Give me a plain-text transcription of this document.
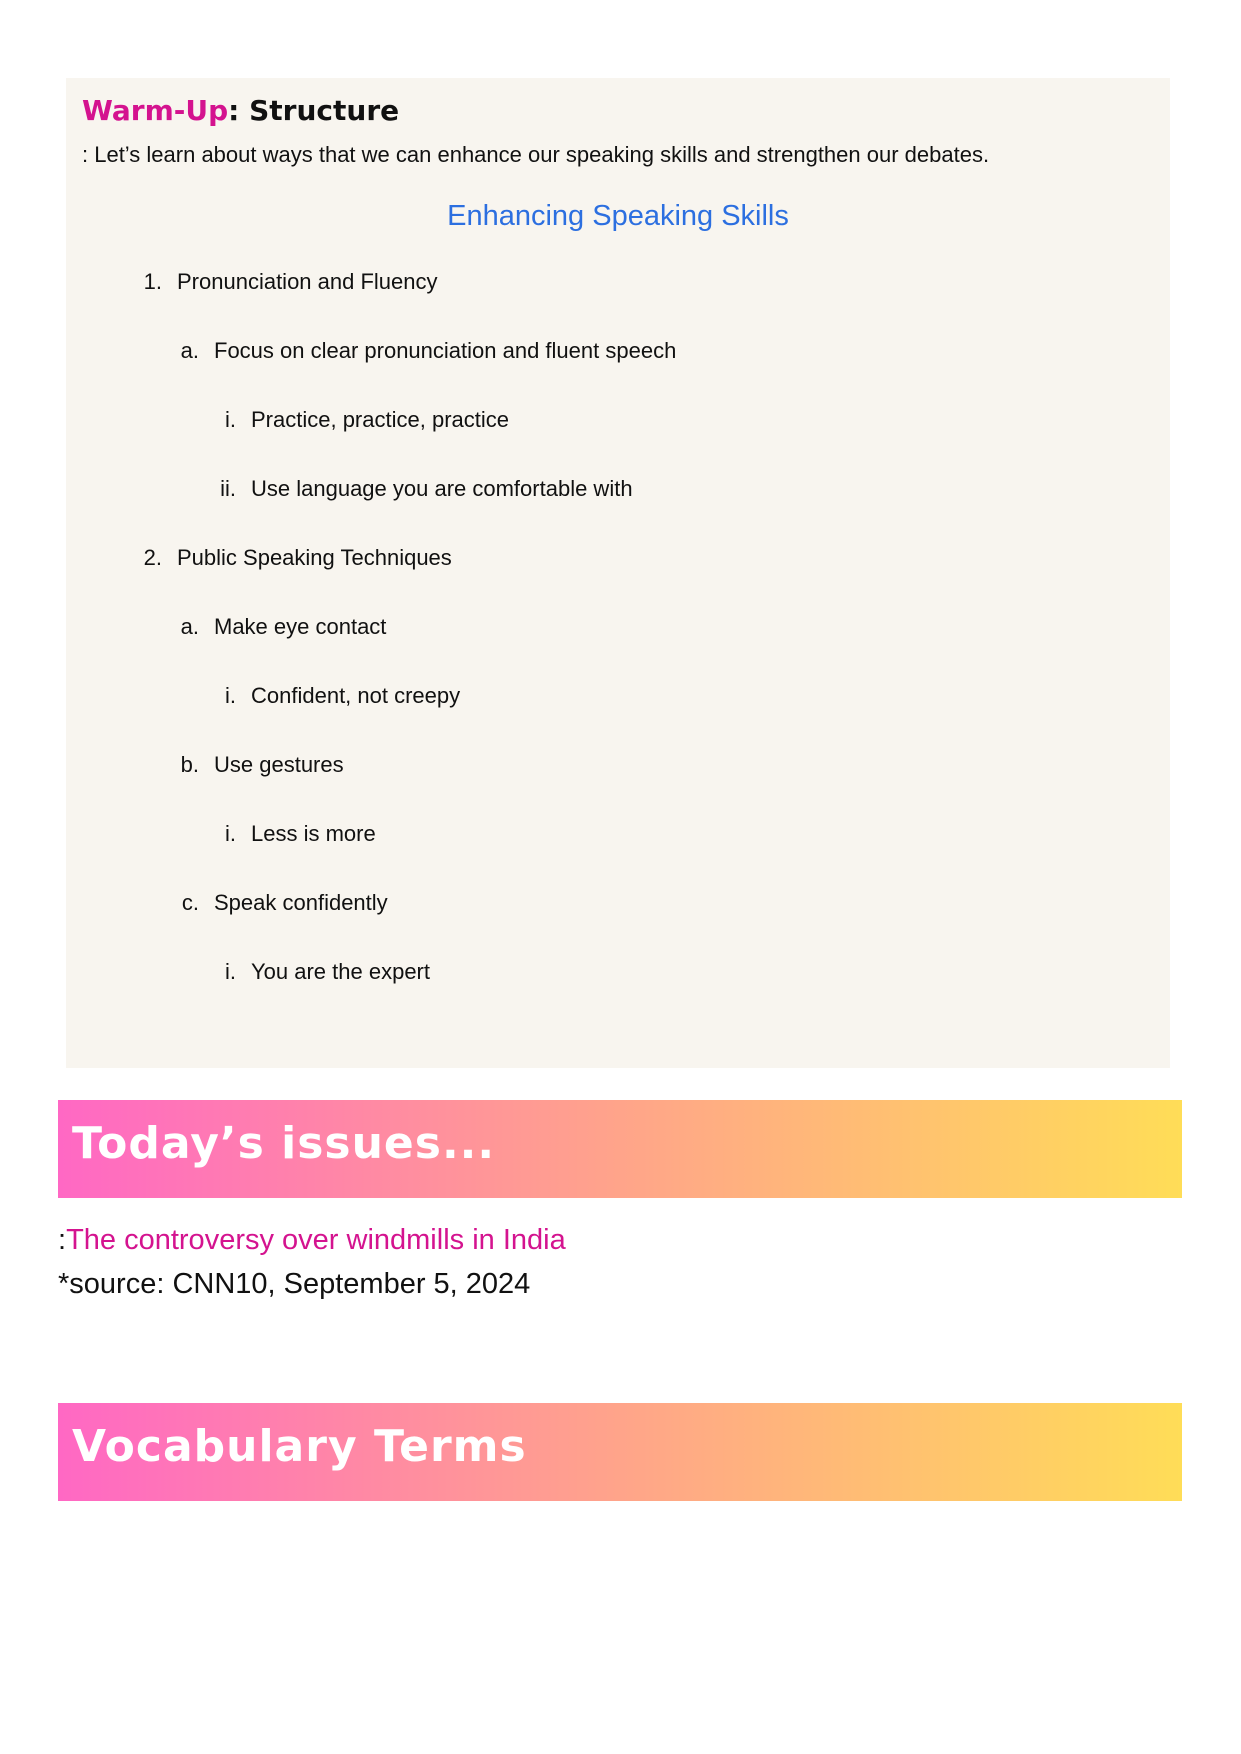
Warm-Up: Structure

: Let’s learn about ways that we can enhance our speaking skills and strengthen our debates.

Enhancing Speaking Skills
1. Pronunciation and Fluency
a. Focus on clear pronunciation and fluent speech
i. Practice, practice, practice
ii. Use language you are comfortable with
2. Public Speaking Techniques
a. Make eye contact
i. Confident, not creepy
b. Use gestures
i. Less is more
c. Speak confidently
i. You are the expert
Today’s issues...

:The controversy over windmills in India

*source: CNN10, September 5, 2024

Vocabulary Terms
